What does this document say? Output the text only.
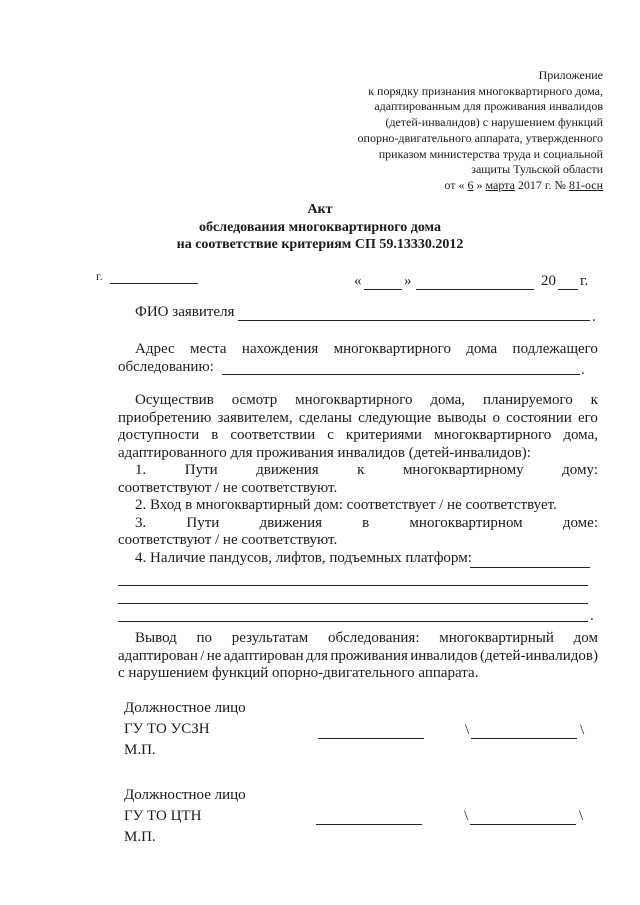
Приложение
к порядку признания многоквартирного дома,
адаптированным для проживания инвалидов
(детей-инвалидов) с нарушением функций
опорно-двигательного аппарата, утвержденного
приказом министерства труда и социальной
защиты Тульской области
от « 6 » марта 2017 г. № 81-осн
Акт
обследования многоквартирного дома
на соответствие критериям СП 59.13330.2012
г.	«	»	20 г.
ФИО заявителя	.
Адрес места нахождения многоквартирного дома подлежащего
обследованию:	.
Осуществив осмотр многоквартирного дома, планируемого к
приобретению заявителем, сделаны следующие выводы о состоянии его
доступности в соответствии с критериями многоквартирного дома,
адаптированного для проживания инвалидов (детей-инвалидов):
1.	Пути	движения	к	многоквартирному	дому:
соответствуют / не соответствуют.
2. Вход в многоквартирный дом: соответствует / не соответствует.
3.	Пути	движения	в	многоквартирном	доме:
соответствуют / не соответствуют.
4. Наличие пандусов, лифтов, подъемных платформ:
.
Вывод по результатам обследования: многоквартирный дом
адаптирован / не адаптирован для проживания инвалидов (детей-инвалидов)
с нарушением функций опорно-двигательного аппарата.
Должностное лицо
ГУ ТО УСЗН
М.П.
\	\
Должностное лицо
ГУ ТО ЦТН
М.П.
\	\
